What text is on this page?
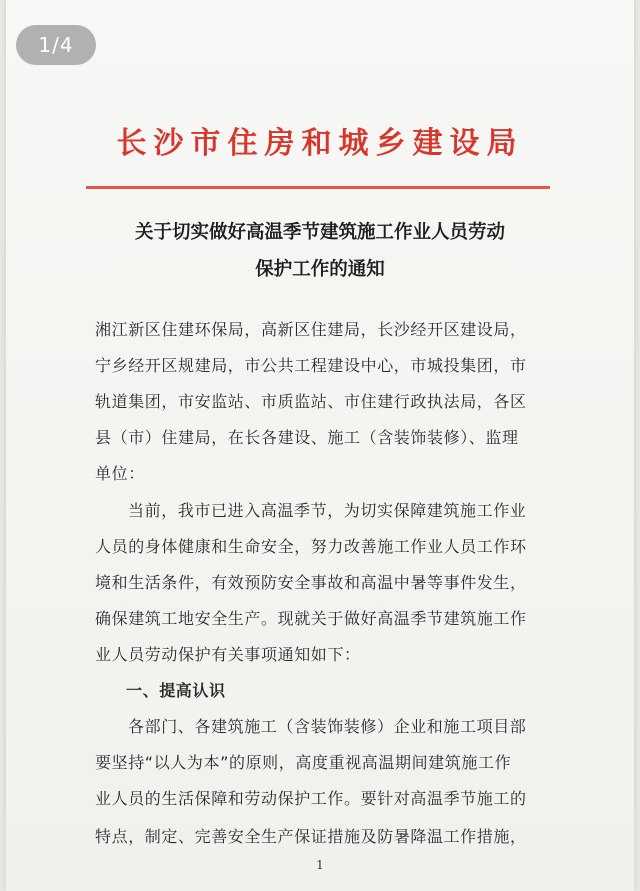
1/4
长沙市住房和城乡建设局
关于切实做好高温季节建筑施工作业人员劳动
保护工作的通知
湘江新区住建环保局，高新区住建局，长沙经开区建设局，
宁乡经开区规建局，市公共工程建设中心，市城投集团，市
轨道集团，市安监站、市质监站、市住建行政执法局，各区
县（市）住建局，在长各建设、施工（含装饰装修）、监理
单位：
当前，我市已进入高温季节，为切实保障建筑施工作业
人员的身体健康和生命安全，努力改善施工作业人员工作环
境和生活条件，有效预防安全事故和高温中暑等事件发生，
确保建筑工地安全生产。现就关于做好高温季节建筑施工作
业人员劳动保护有关事项通知如下：
一、提高认识
各部门、各建筑施工（含装饰装修）企业和施工项目部
要坚持“以人为本”的原则，高度重视高温期间建筑施工作
业人员的生活保障和劳动保护工作。要针对高温季节施工的
特点，制定、完善安全生产保证措施及防暑降温工作措施，
1
